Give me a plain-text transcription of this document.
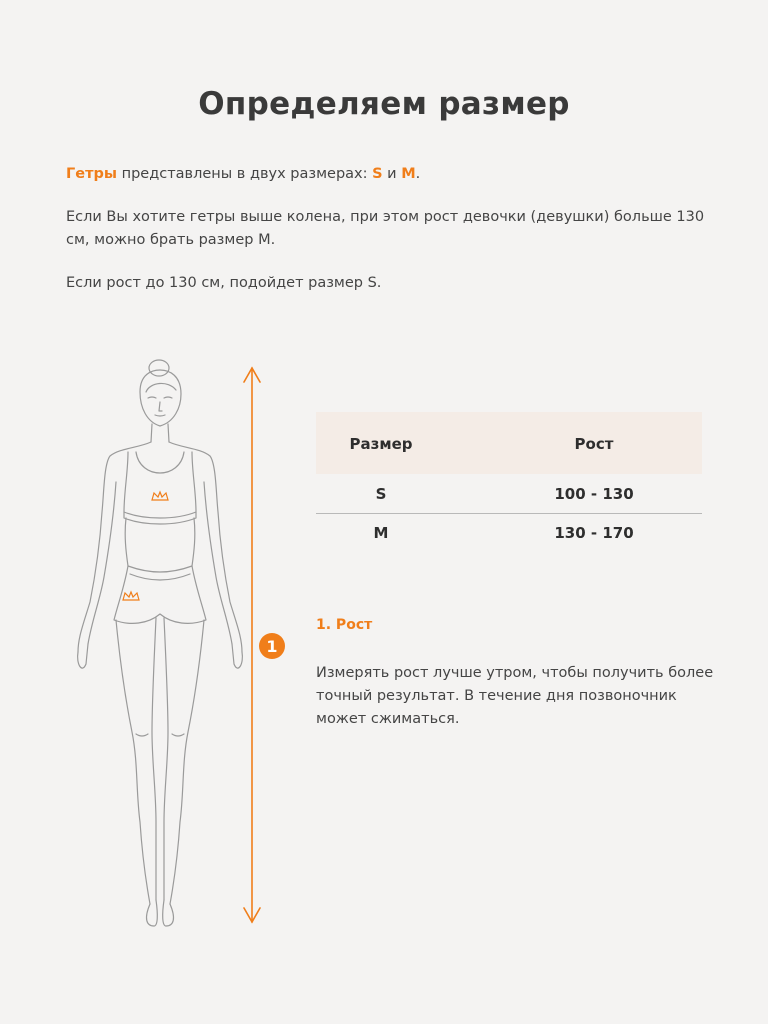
Определяем размер
Гетры представлены в двух размерах: S и M.
Если Вы хотите гетры выше колена, при этом рост девочки (девушки) больше 130 см, можно брать размер М.
Если рост до 130 см, подойдет размер S.
1
Размер	Рост
S	100 - 130
M	130 - 170
1. Рост
Измерять рост лучше утром, чтобы получить более точный результат. В течение дня позвоночник может сжиматься.
